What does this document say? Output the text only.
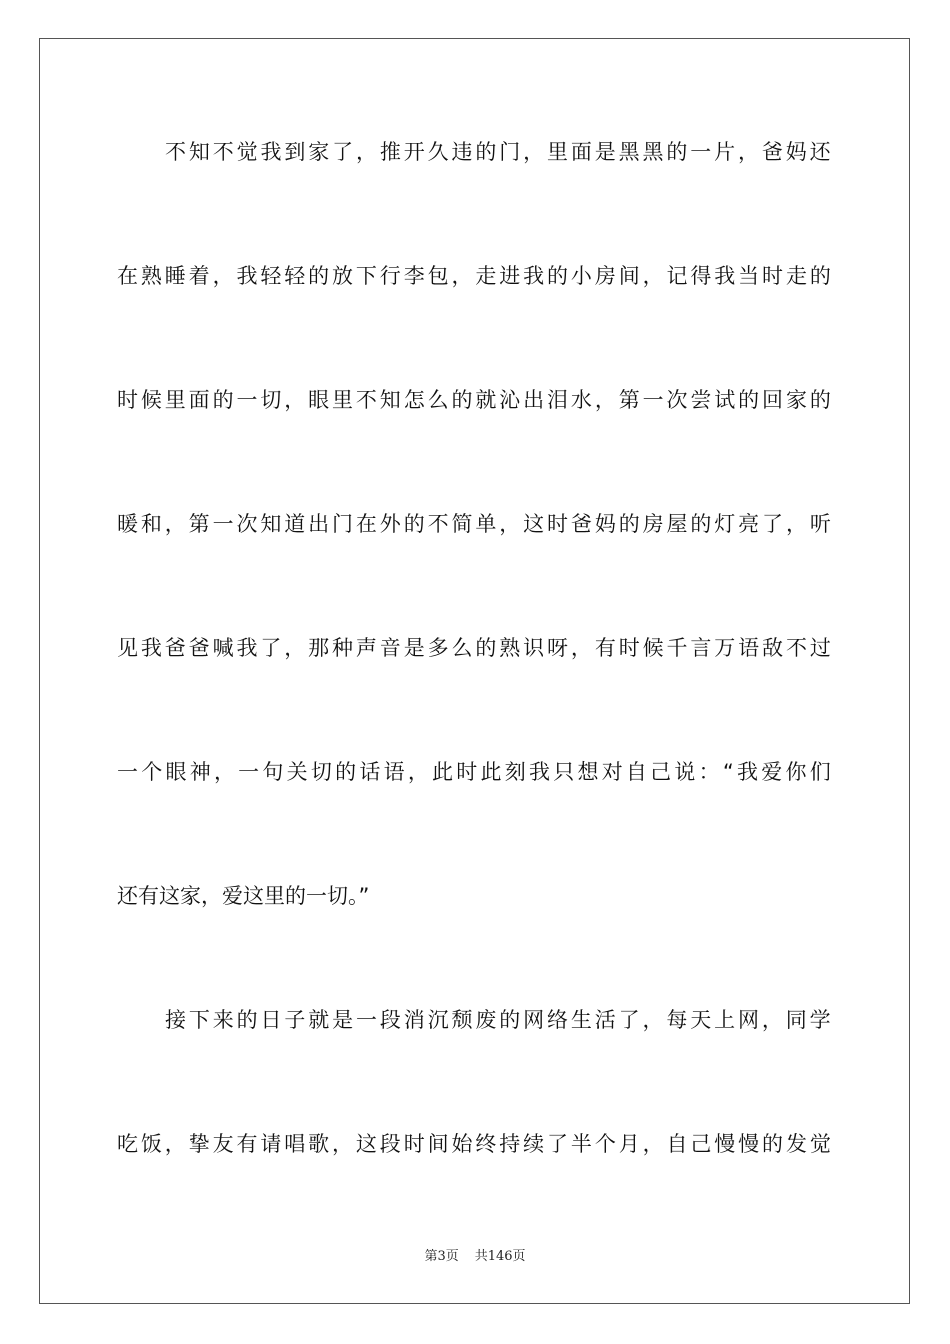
不 知 不 觉 我 到 家 了 ， 推 开 久 违 的 门 ， 里 面 是 黑 黑 的 一 片 ， 爸 妈 还
在 熟 睡 着 ， 我 轻 轻 的 放 下 行 李 包 ， 走 进 我 的 小 房 间 ， 记 得 我 当 时 走 的
时 候 里 面 的 一 切 ， 眼 里 不 知 怎 么 的 就 沁 出 泪 水 ， 第 一 次 尝 试 的 回 家 的
暖 和 ， 第 一 次 知 道 出 门 在 外 的 不 简 单 ， 这 时 爸 妈 的 房 屋 的 灯 亮 了 ， 听
见 我 爸 爸 喊 我 了 ， 那 种 声 音 是 多 么 的 熟 识 呀 ， 有 时 候 千 言 万 语 敌 不 过
一 个 眼 神 ， 一 句 关 切 的 话 语 ， 此 时 此 刻 我 只 想 对 自 己 说 ： “ 我 爱 你 们
还有这家，爱这里的一切。”
接 下 来 的 日 子 就 是 一 段 消 沉 颓 废 的 网 络 生 活 了 ， 每 天 上 网 ， 同 学
吃 饭 ， 挚 友 有 请 唱 歌 ， 这 段 时 间 始 终 持 续 了 半 个 月 ， 自 己 慢 慢 的 发 觉
第3页 共146页
